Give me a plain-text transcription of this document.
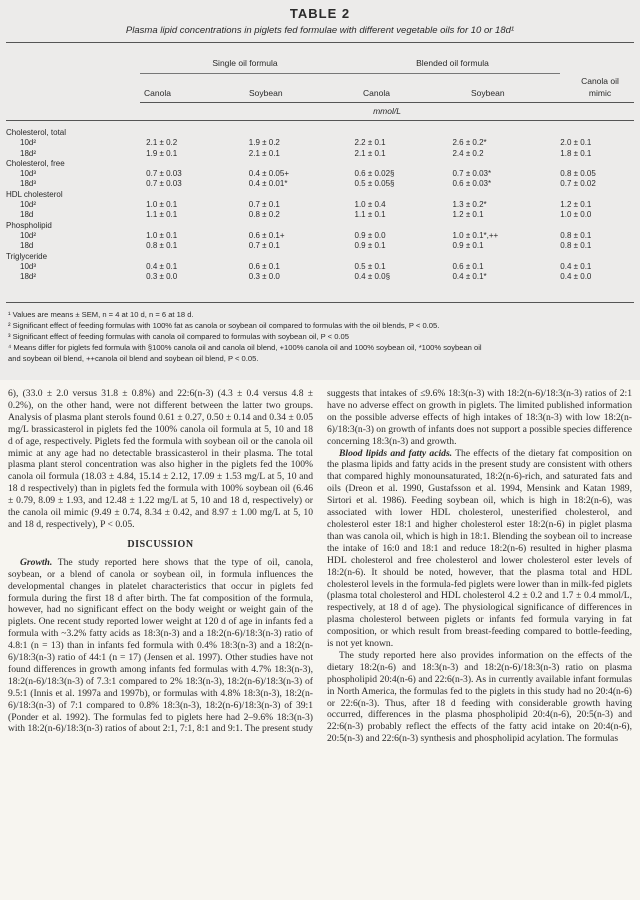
TABLE 2
Plasma lipid concentrations in piglets fed formulae with different vegetable oils for 10 or 18d¹
Single oil formula	Blended oil formula
Canola	Soybean	Canola	Soybean
Canola oil
mimic
mmol/L
Cholesterol, total					
10d²	2.1 ± 0.2	1.9 ± 0.2	2.2 ± 0.1	2.6 ± 0.2*	2.0 ± 0.1
18d²	1.9 ± 0.1	2.1 ± 0.1	2.1 ± 0.1	2.4 ± 0.2	1.8 ± 0.1
Cholesterol, free					
10d³	0.7 ± 0.03	0.4 ± 0.05+	0.6 ± 0.02§	0.7 ± 0.03*	0.8 ± 0.05
18d³	0.7 ± 0.03	0.4 ± 0.01*	0.5 ± 0.05§	0.6 ± 0.03*	0.7 ± 0.02
HDL cholesterol					
10d²	1.0 ± 0.1	0.7 ± 0.1	1.0 ± 0.4	1.3 ± 0.2*	1.2 ± 0.1
18d	1.1 ± 0.1	0.8 ± 0.2	1.1 ± 0.1	1.2 ± 0.1	1.0 ± 0.0
Phospholipid					
10d²	1.0 ± 0.1	0.6 ± 0.1+	0.9 ± 0.0	1.0 ± 0.1*,++	0.8 ± 0.1
18d	0.8 ± 0.1	0.7 ± 0.1	0.9 ± 0.1	0.9 ± 0.1	0.8 ± 0.1
Triglyceride					
10d³	0.4 ± 0.1	0.6 ± 0.1	0.5 ± 0.1	0.6 ± 0.1	0.4 ± 0.1
18d²	0.3 ± 0.0	0.3 ± 0.0	0.4 ± 0.0§	0.4 ± 0.1*	0.4 ± 0.0
¹ Values are means ± SEM, n = 4 at 10 d, n = 6 at 18 d.
² Significant effect of feeding formulas with 100% fat as canola or soybean oil compared to formulas with the oil blends, P < 0.05.
³ Significant effect of feeding formulas with canola oil compared to formulas with soybean oil, P < 0.05
⁴ Means differ for piglets fed formula with §100% canola oil and canola oil blend, +100% canola oil and 100% soybean oil, *100% soybean oil
and soybean oil blend, ++canola oil blend and soybean oil blend, P < 0.05.

6), (33.0 ± 2.0 versus 31.8 ± 0.8%) and 22:6(n-3) (4.3 ± 0.4 versus 4.8 ± 0.2%), on the other hand, were not different between the latter two groups. Analysis of plasma plant sterols found 0.61 ± 0.27, 0.50 ± 0.14 and 0.34 ± 0.05 mg/L brassicasterol in piglets fed the 100% canola oil formula at 5, 10 and 18 d of age, respectively. Piglets fed the formula with soybean oil or the canola oil mimic at any age had no detectable brassicasterol in their plasma. The total plasma plant sterol concentration was also higher in the piglets fed the 100% canola oil formula (18.03 ± 4.84, 15.14 ± 2.12, 17.09 ± 1.53 mg/L at 5, 10 and 18 d respectively) than in piglets fed the formula with 100% soybean oil (6.46 ± 0.79, 8.09 ± 1.93, and 12.48 ± 1.22 mg/L at 5, 10 and 18 d, respectively) or the canola oil mimic (9.49 ± 0.74, 8.34 ± 0.42, and 8.97 ± 1.00 mg/L at 5, 10 and 18 d, respectively), P < 0.05.

DISCUSSION

Growth. The study reported here shows that the type of oil, canola, soybean, or a blend of canola or soybean oil, in formula influences the developmental changes in platelet characteristics that occur in piglets fed formula during the first 18 d after birth. The fat composition of the formula, however, had no significant effect on the body weight or weight gain of the piglets. One recent study reported lower weight at 120 d of age in infants fed a formula with ~3.2% fatty acids as 18:3(n-3) and a 18:2(n-6)/18:3(n-3) ratio of 4.8:1 (n = 13) than in infants fed formula with 0.4% 18:3(n-3) and a 18:2(n-6)/18:3(n-3) ratio of 44:1 (n = 17) (Jensen et al. 1997). Other studies have not found differences in growth among infants fed formulas with 4.7% 18:3(n-3), 18:2(n-6)/18:3(n-3) of 7.3:1 compared to 2% 18:3(n-3), 18:2(n-6)/18:3(n-3) of 9.5:1 (Innis et al. 1997a and 1997b), or formulas with 4.8% 18:3(n-3), 18:2(n-6)/18:3(n-3) of 7:1 compared to 0.8% 18:3(n-3), 18:2(n-6)/18:3(n-3) of 39:1 (Ponder et al. 1992). The formulas fed to piglets here had 2–9.6% 18:3(n-3) with 18:2(n-6)/18:3(n-3) ratios of about 2:1, 7:1, 8:1 and 9:1. The present study

suggests that intakes of ≤9.6% 18:3(n-3) with 18:2(n-6)/18:3(n-3) ratios of 2:1 have no adverse effect on growth in piglets. The limited published information on the possible adverse effects of high intakes of 18:3(n-3) with low 18:2(n-6)/18:3(n-3) on growth of infants does not support a possible species difference concerning 18:3(n-3) and growth.

Blood lipids and fatty acids. The effects of the dietary fat composition on the plasma lipids and fatty acids in the present study are consistent with others that compared highly monounsaturated, 18:2(n-6)-rich, and saturated fats and oils (Dreon et al. 1990, Gustafsson et al. 1994, Mensink and Katan 1989, Sirtori et al. 1986). Feeding soybean oil, which is high in 18:2(n-6), was associated with lower HDL cholesterol, unesterified cholesterol, and cholesterol ester 18:1 and higher cholesterol ester 18:2(n-6) in piglet plasma than was canola oil, which is high in 18:1. Blending the soybean oil to increase the intake of 16:0 and 18:1 and reduce 18:2(n-6) resulted in higher plasma HDL cholesterol and free cholesterol and lower cholesterol ester levels of 18:2(n-6). It should be noted, however, that the plasma total and HDL cholesterol levels in the formula-fed piglets were lower than in milk-fed piglets (plasma total cholesterol and HDL cholesterol 4.2 ± 0.2 and 1.7 ± 0.4 mmol/L, respectively, at 18 d of age). The physiological significance of differences in plasma cholesterol between piglets or infants fed formula varying in fat composition, or which result from breast-feeding compared to bottle-feeding, is not yet known.

The study reported here also provides information on the effects of the dietary 18:2(n-6) and 18:3(n-3) and 18:2(n-6)/18:3(n-3) ratio on plasma phospholipid 20:4(n-6) and 22:6(n-3). As in currently available infant formulas in North America, the formulas fed to the piglets in this study had no 20:4(n-6) or 22:6(n-3). Thus, after 18 d feeding with considerable growth having occurred, differences in the plasma phospholipid 20:4(n-6), 20:5(n-3) and 22:6(n-3) probably reflect the effects of the fatty acid intake on 20:4(n-6), 20:5(n-3) and 22:6(n-3) synthesis and phospholipid acylation. The formulas
